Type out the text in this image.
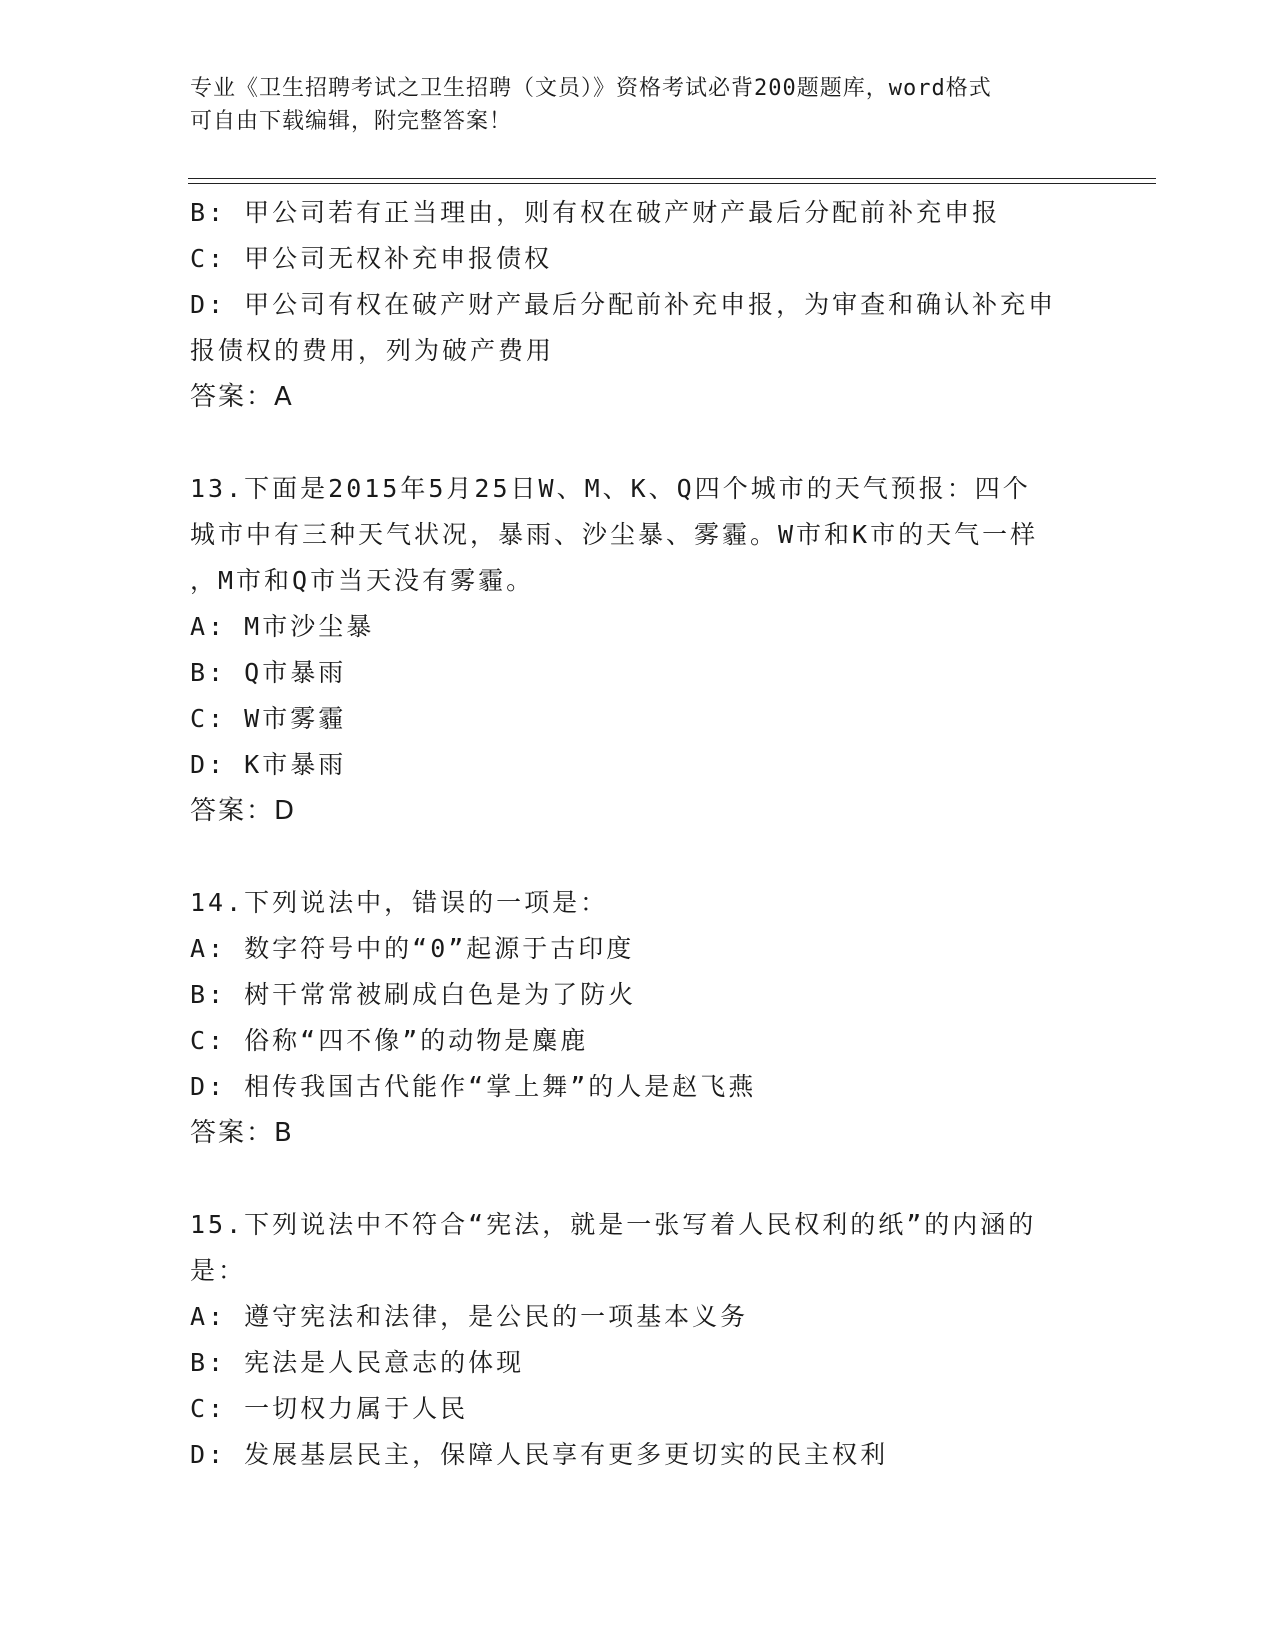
专业《卫生招聘考试之卫生招聘（文员）》资格考试必背200题题库，word格式
可自由下载编辑，附完整答案！

B: 甲公司若有正当理由，则有权在破产财产最后分配前补充申报

C: 甲公司无权补充申报债权

D: 甲公司有权在破产财产最后分配前补充申报，为审查和确认补充申

报债权的费用，列为破产费用

答案：A

13.下面是2015年5月25日W、M、K、Q四个城市的天气预报：四个

城市中有三种天气状况，暴雨、沙尘暴、雾霾。W市和K市的天气一样

，M市和Q市当天没有雾霾。

A: M市沙尘暴

B: Q市暴雨

C: W市雾霾

D: K市暴雨

答案：D

14.下列说法中，错误的一项是：

A: 数字符号中的“0”起源于古印度

B: 树干常常被刷成白色是为了防火

C: 俗称“四不像”的动物是麋鹿

D: 相传我国古代能作“掌上舞”的人是赵飞燕

答案：B

15.下列说法中不符合“宪法，就是一张写着人民权利的纸”的内涵的

是：

A: 遵守宪法和法律，是公民的一项基本义务

B: 宪法是人民意志的体现

C: 一切权力属于人民

D: 发展基层民主，保障人民享有更多更切实的民主权利
